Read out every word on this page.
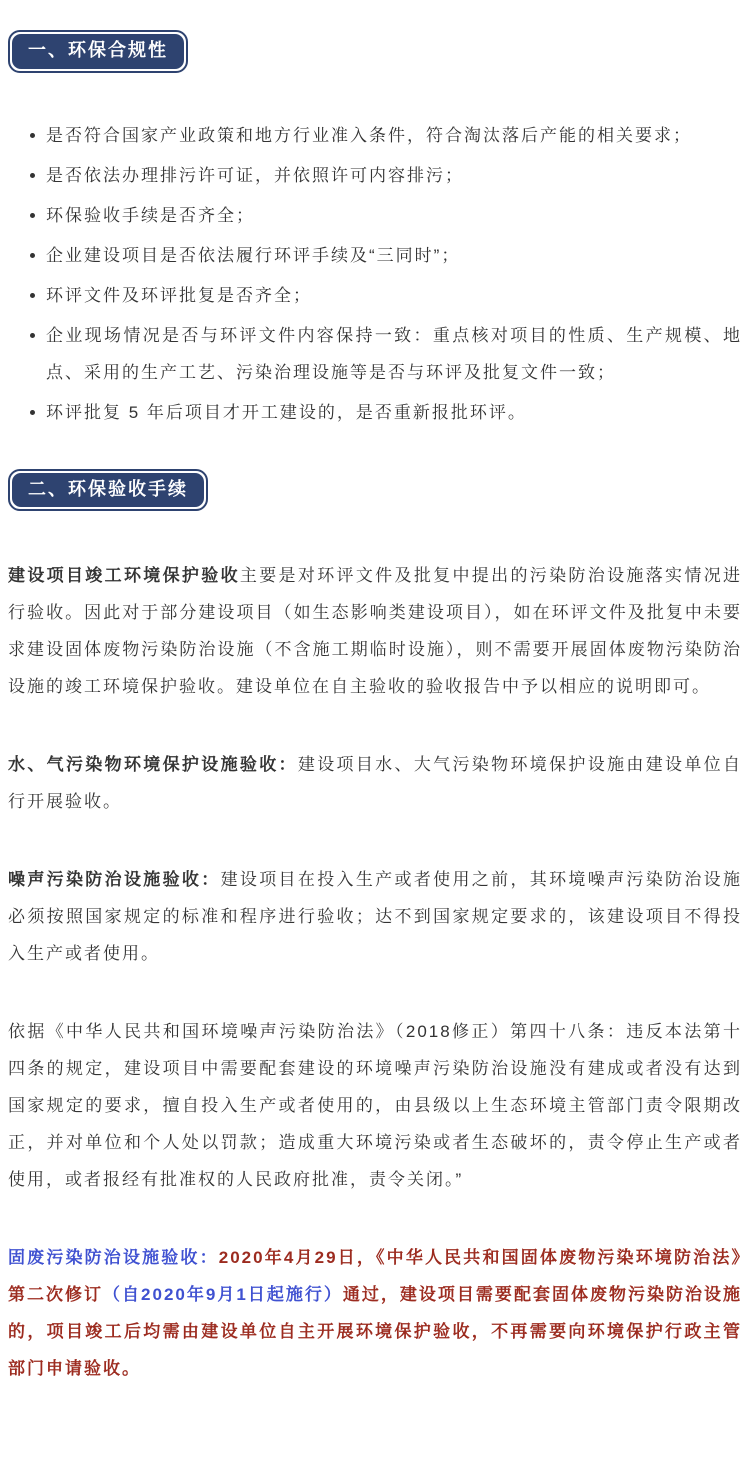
一、环保合规性
是否符合国家产业政策和地方行业准入条件，符合淘汰落后产能的相关要求；
是否依法办理排污许可证，并依照许可内容排污；
环保验收手续是否齐全；
企业建设项目是否依法履行环评手续及“三同时”；
环评文件及环评批复是否齐全；
企业现场情况是否与环评文件内容保持一致：重点核对项目的性质、生产规模、地点、采用的生产工艺、污染治理设施等是否与环评及批复文件一致；
环评批复 5 年后项目才开工建设的，是否重新报批环评。
二、环保验收手续

建设项目竣工环境保护验收主要是对环评文件及批复中提出的污染防治设施落实情况进行验收。因此对于部分建设项目（如生态影响类建设项目），如在环评文件及批复中未要求建设固体废物污染防治设施（不含施工期临时设施），则不需要开展固体废物污染防治设施的竣工环境保护验收。建设单位在自主验收的验收报告中予以相应的说明即可。

水、气污染物环境保护设施验收：建设项目水、大气污染物环境保护设施由建设单位自行开展验收。

噪声污染防治设施验收：建设项目在投入生产或者使用之前，其环境噪声污染防治设施必须按照国家规定的标准和程序进行验收；达不到国家规定要求的，该建设项目不得投入生产或者使用。

依据《中华人民共和国环境噪声污染防治法》（2018修正）第四十八条：违反本法第十四条的规定，建设项目中需要配套建设的环境噪声污染防治设施没有建成或者没有达到国家规定的要求，擅自投入生产或者使用的，由县级以上生态环境主管部门责令限期改正，并对单位和个人处以罚款；造成重大环境污染或者生态破坏的，责令停止生产或者使用，或者报经有批准权的人民政府批准，责令关闭。”

固废污染防治设施验收：2020年4月29日，《中华人民共和国固体废物污染环境防治法》第二次修订（自2020年9月1日起施行）通过，建设项目需要配套固体废物污染防治设施的，项目竣工后均需由建设单位自主开展环境保护验收，不再需要向环境保护行政主管部门申请验收。
